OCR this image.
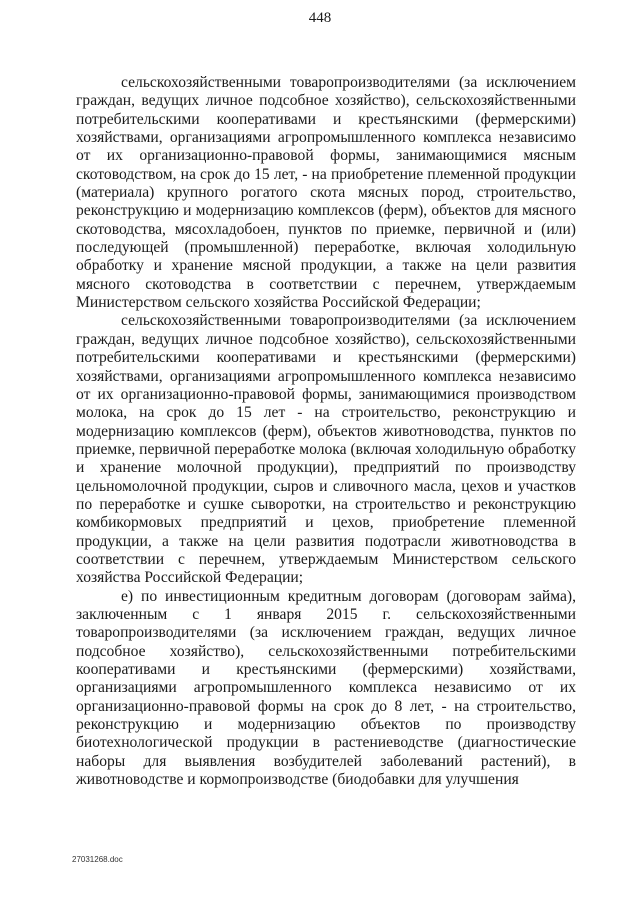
448

сельскохозяйственными товаропроизводителями (за исключением граждан, ведущих личное подсобное хозяйство), сельскохозяйственными потребительскими кооперативами и крестьянскими (фермерскими) хозяйствами, организациями агропромышленного комплекса независимо от их организационно-правовой формы, занимающимися мясным скотоводством, на срок до 15 лет, - на приобретение племенной продукции (материала) крупного рогатого скота мясных пород, строительство, реконструкцию и модернизацию комплексов (ферм), объектов для мясного скотоводства, мясохладобоен, пунктов по приемке, первичной и (или) последующей (промышленной) переработке, включая холодильную обработку и хранение мясной продукции, а также на цели развития мясного скотоводства в соответствии с перечнем, утверждаемым Министерством сельского хозяйства Российской Федерации;

сельскохозяйственными товаропроизводителями (за исключением граждан, ведущих личное подсобное хозяйство), сельскохозяйственными потребительскими кооперативами и крестьянскими (фермерскими) хозяйствами, организациями агропромышленного комплекса независимо от их организационно-правовой формы, занимающимися производством молока, на срок до 15 лет - на строительство, реконструкцию и модернизацию комплексов (ферм), объектов животноводства, пунктов по приемке, первичной переработке молока (включая холодильную обработку и хранение молочной продукции), предприятий по производству цельномолочной продукции, сыров и сливочного масла, цехов и участков по переработке и сушке сыворотки, на строительство и реконструкцию комбикормовых предприятий и цехов, приобретение племенной продукции, а также на цели развития подотрасли животноводства в соответствии с перечнем, утверждаемым Министерством сельского хозяйства Российской Федерации;

е) по инвестиционным кредитным договорам (договорам займа), заключенным с 1 января 2015 г. сельскохозяйственными товаропроизводителями (за исключением граждан, ведущих личное подсобное хозяйство), сельскохозяйственными потребительскими кооперативами и крестьянскими (фермерскими) хозяйствами, организациями агропромышленного комплекса независимо от их организационно-правовой формы на срок до 8 лет, - на строительство, реконструкцию и модернизацию объектов по производству биотехнологической продукции в растениеводстве (диагностические наборы для выявления возбудителей заболеваний растений), в животноводстве и кормопроизводстве (биодобавки для улучшения

27031268.doc
